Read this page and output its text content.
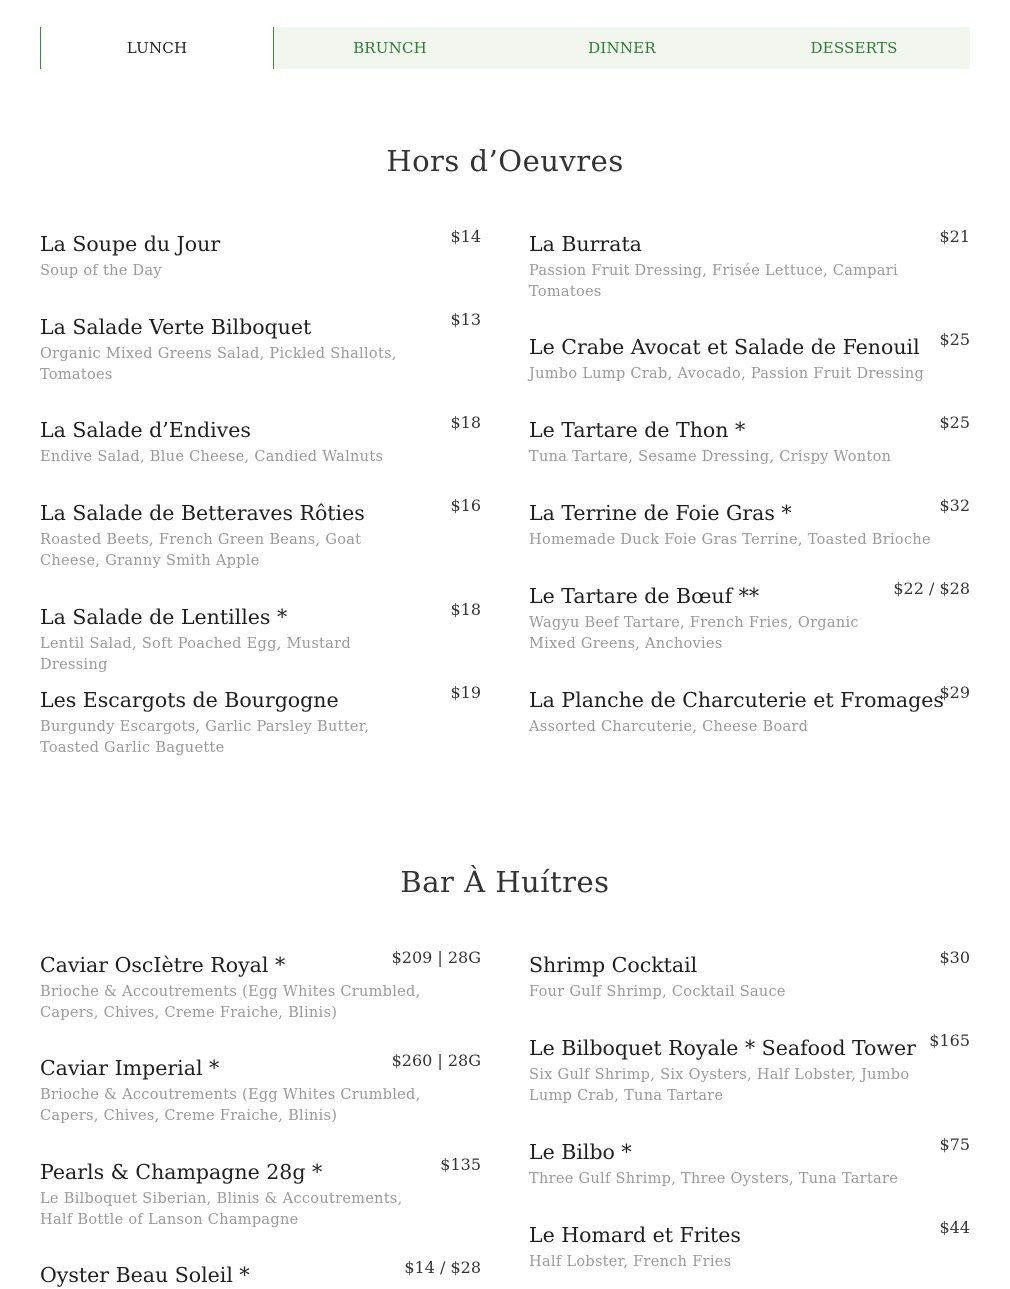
LUNCH	BRUNCH	DINNER	DESSERTS
Hors d’Oeuvres
La Soupe du Jour	$14
Soup of the Day
La Salade Verte Bilboquet	$13
Organic Mixed Greens Salad, Pickled Shallots, Tomatoes
La Salade d’Endives	$18
Endive Salad, Blue Cheese, Candied Walnuts
La Salade de Betteraves Rôties	$16
Roasted Beets, French Green Beans, Goat Cheese, Granny Smith Apple
La Salade de Lentilles *	$18
Lentil Salad, Soft Poached Egg, Mustard Dressing
Les Escargots de Bourgogne	$19
Burgundy Escargots, Garlic Parsley Butter, Toasted Garlic Baguette
La Burrata	$21
Passion Fruit Dressing, Frisée Lettuce, Campari Tomatoes
Le Crabe Avocat et Salade de Fenouil	$25
Jumbo Lump Crab, Avocado, Passion Fruit Dressing
Le Tartare de Thon *	$25
Tuna Tartare, Sesame Dressing, Crispy Wonton
La Terrine de Foie Gras *	$32
Homemade Duck Foie Gras Terrine, Toasted Brioche
Le Tartare de Bœuf **	$22 / $28
Wagyu Beef Tartare, French Fries, Organic Mixed Greens, Anchovies
La Planche de Charcuterie et Fromages
$29
Assorted Charcuterie, Cheese Board
Bar À Huítres
Caviar OscIètre Royal *	$209 | 28G
Brioche & Accoutrements (Egg Whites Crumbled, Capers, Chives, Creme Fraiche, Blinis)
Caviar Imperial *	$260 | 28G
Brioche & Accoutrements (Egg Whites Crumbled, Capers, Chives, Creme Fraiche, Blinis)
Pearls & Champagne 28g *	$135
Le Bilboquet Siberian, Blinis & Accoutrements, Half Bottle of Lanson Champagne
Oyster Beau Soleil *	$14 / $28
Shrimp Cocktail	$30
Four Gulf Shrimp, Cocktail Sauce
Le Bilboquet Royale * Seafood Tower $165
Six Gulf Shrimp, Six Oysters, Half Lobster, Jumbo Lump Crab, Tuna Tartare
Le Bilbo *	$75
Three Gulf Shrimp, Three Oysters, Tuna Tartare
Le Homard et Frites	$44
Half Lobster, French Fries
